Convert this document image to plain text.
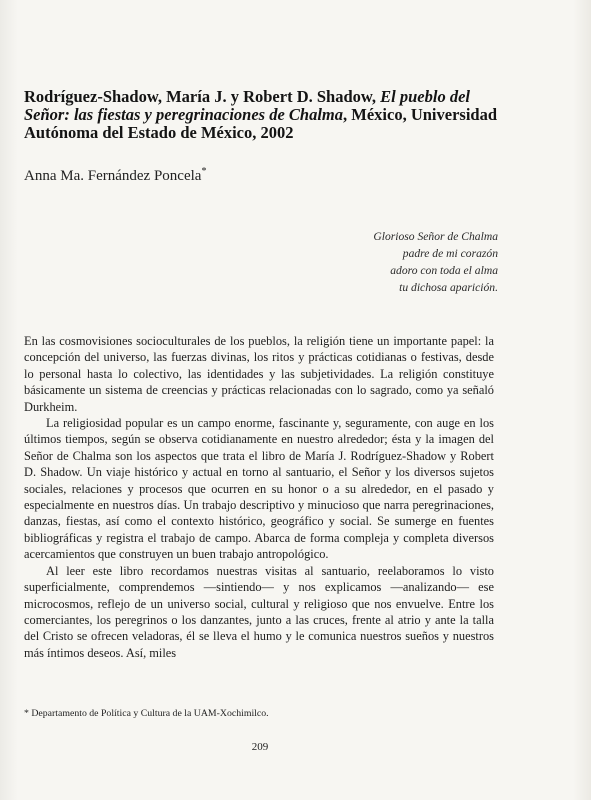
Rodríguez-Shadow, María J. y Robert D. Shadow, El pueblo del Señor: las fiestas y peregrinaciones de Chalma, México, Universidad Autónoma del Estado de México, 2002
Anna Ma. Fernández Poncela*
Glorioso Señor de Chalma
padre de mi corazón
adoro con toda el alma
tu dichosa aparición.

En las cosmovisiones socioculturales de los pueblos, la religión tiene un importante papel: la concepción del universo, las fuerzas divinas, los ritos y prácticas cotidianas o festivas, desde lo personal hasta lo colectivo, las identidades y las subjetividades. La religión constituye básicamente un sistema de creencias y prácticas relacionadas con lo sagrado, como ya señaló Durkheim.

La religiosidad popular es un campo enorme, fascinante y, seguramente, con auge en los últimos tiempos, según se observa cotidianamente en nuestro alrededor; ésta y la imagen del Señor de Chalma son los aspectos que trata el libro de María J. Rodríguez-Shadow y Robert D. Shadow. Un viaje histórico y actual en torno al santuario, el Señor y los diversos sujetos sociales, relaciones y procesos que ocurren en su honor o a su alrededor, en el pasado y especialmente en nuestros días. Un trabajo descriptivo y minucioso que narra peregrinaciones, danzas, fiestas, así como el contexto histórico, geográfico y social. Se sumerge en fuentes bibliográficas y registra el trabajo de campo. Abarca de forma compleja y completa diversos acercamientos que construyen un buen trabajo antropológico.

Al leer este libro recordamos nuestras visitas al santuario, reelaboramos lo visto superficialmente, comprendemos —sintiendo— y nos explicamos —analizando— ese microcosmos, reflejo de un universo social, cultural y religioso que nos envuelve. Entre los comerciantes, los peregrinos o los danzantes, junto a las cruces, frente al atrio y ante la talla del Cristo se ofrecen veladoras, él se lleva el humo y le comunica nuestros sueños y nuestros más íntimos deseos. Así, miles

* Departamento de Política y Cultura de la UAM-Xochimilco.
209
